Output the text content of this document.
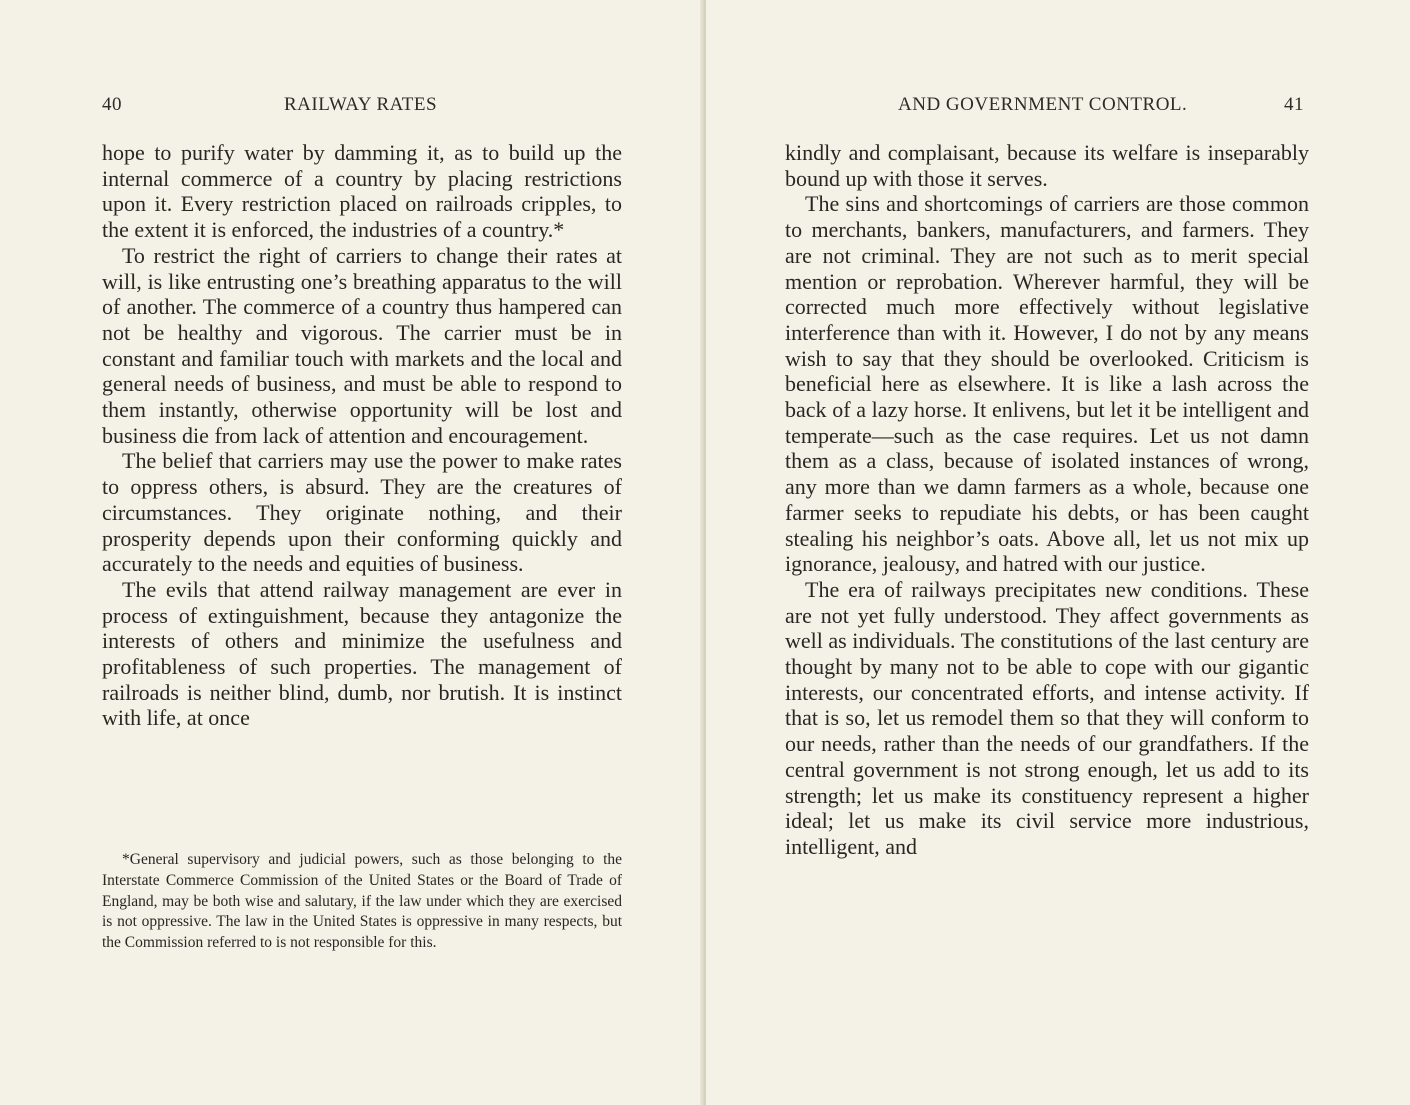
40	RAILWAY RATES

hope to purify water by damming it, as to build up the internal commerce of a country by placing restrictions upon it. Every restriction placed on railroads cripples, to the extent it is enforced, the industries of a country.*

To restrict the right of carriers to change their rates at will, is like entrusting one’s breathing apparatus to the will of another. The commerce of a country thus hampered can not be healthy and vigorous. The carrier must be in constant and familiar touch with markets and the local and general needs of business, and must be able to respond to them instantly, otherwise opportunity will be lost and business die from lack of attention and encouragement.

The belief that carriers may use the power to make rates to oppress others, is absurd. They are the creatures of circumstances. They originate nothing, and their prosperity depends upon their conforming quickly and accurately to the needs and equities of business.

The evils that attend railway management are ever in process of extinguishment, because they antagonize the interests of others and minimize the usefulness and profitableness of such properties. The management of railroads is neither blind, dumb, nor brutish. It is instinct with life, at once

*General supervisory and judicial powers, such as those belonging to the Interstate Commerce Commission of the United States or the Board of Trade of England, may be both wise and salutary, if the law under which they are exercised is not oppressive. The law in the United States is oppressive in many respects, but the Commission referred to is not responsible for this.

AND GOVERNMENT CONTROL.	41

kindly and complaisant, because its welfare is inseparably bound up with those it serves.

The sins and shortcomings of carriers are those common to merchants, bankers, manufacturers, and farmers. They are not criminal. They are not such as to merit special mention or reprobation. Wherever harmful, they will be corrected much more effectively without legislative interference than with it. However, I do not by any means wish to say that they should be overlooked. Criticism is beneficial here as elsewhere. It is like a lash across the back of a lazy horse. It enlivens, but let it be intelligent and temperate—such as the case requires. Let us not damn them as a class, because of isolated instances of wrong, any more than we damn farmers as a whole, because one farmer seeks to repudiate his debts, or has been caught stealing his neighbor’s oats. Above all, let us not mix up ignorance, jealousy, and hatred with our justice.

The era of railways precipitates new conditions. These are not yet fully understood. They affect governments as well as individuals. The constitutions of the last century are thought by many not to be able to cope with our gigantic interests, our concentrated efforts, and intense activity. If that is so, let us remodel them so that they will conform to our needs, rather than the needs of our grandfathers. If the central government is not strong enough, let us add to its strength; let us make its constituency represent a higher ideal; let us make its civil service more industrious, intelligent, and
